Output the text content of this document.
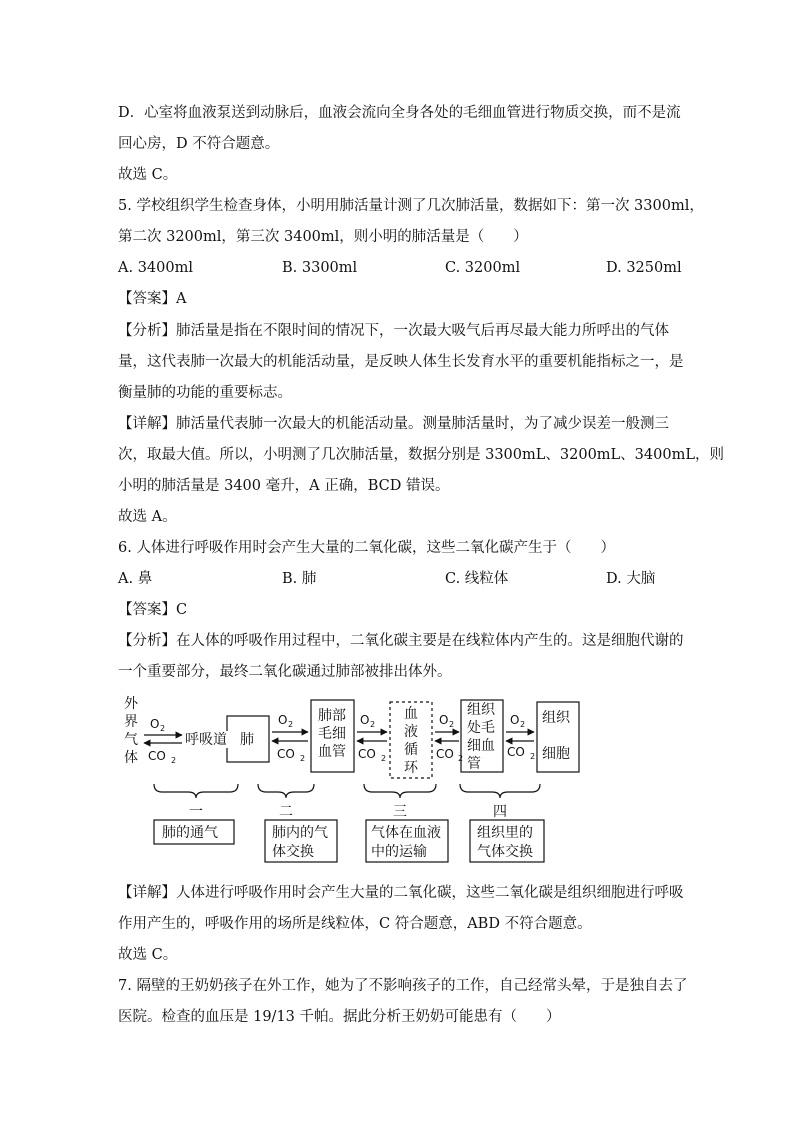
D．心室将血液泵送到动脉后，血液会流向全身各处的毛细血管进行物质交换，而不是流
回心房，D 不符合题意。
故选 C。
5. 学校组织学生检查身体，小明用肺活量计测了几次肺活量，数据如下：第一次 3300ml，
第二次 3200ml，第三次 3400ml，则小明的肺活量是（　　）
A. 3400ml	B. 3300ml	C. 3200ml	D. 3250ml
【答案】A
【分析】肺活量是指在不限时间的情况下，一次最大吸气后再尽最大能力所呼出的气体
量，这代表肺一次最大的机能活动量，是反映人体生长发育水平的重要机能指标之一，是
衡量肺的功能的重要标志。
【详解】肺活量代表肺一次最大的机能活动量。测量肺活量时，为了减少误差一般测三
次，取最大值。所以，小明测了几次肺活量，数据分别是 3300mL、3200mL、3400mL，则
小明的肺活量是 3400 毫升，A 正确，BCD 错误。
故选 A。
6. 人体进行呼吸作用时会产生大量的二氧化碳，这些二氧化碳产生于（　　）
A. 鼻	B. 肺	C. 线粒体	D. 大脑
【答案】C
【分析】在人体的呼吸作用过程中，二氧化碳主要是在线粒体内产生的。这是细胞代谢的
一个重要部分，最终二氧化碳通过肺部被排出体外。
外
界
气
体
O 2
CO 2
呼吸道 肺
O 2
CO 2
肺部
毛细
血管
O 2
CO 2
血
液
循
环
O 2
CO 2
组织
处毛
细血
管
O 2
CO 2
组织
细胞
一	二	三	四
肺的通气	肺内的气
体交换
气体在血液
中的运输
组织里的
气体交换
【详解】人体进行呼吸作用时会产生大量的二氧化碳，这些二氧化碳是组织细胞进行呼吸
作用产生的，呼吸作用的场所是线粒体，C 符合题意，ABD 不符合题意。
故选 C。
7. 隔壁的王奶奶孩子在外工作，她为了不影响孩子的工作，自己经常头晕，于是独自去了
医院。检查的血压是 19/13 千帕。据此分析王奶奶可能患有（　　）
